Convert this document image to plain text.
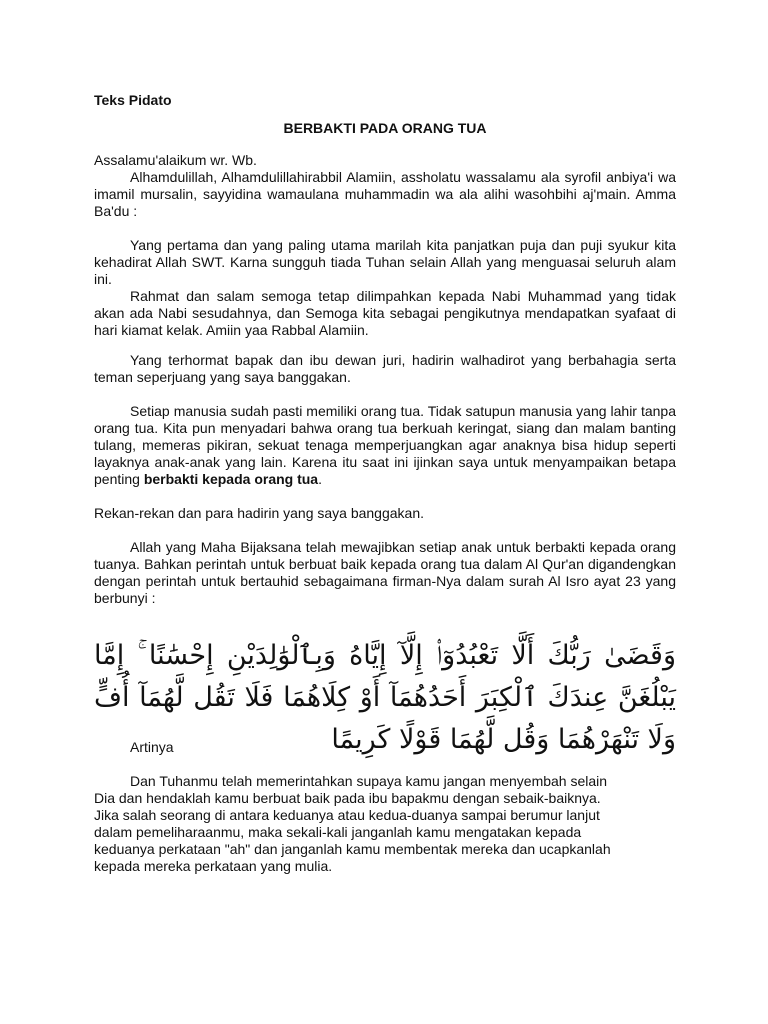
Teks Pidato

BERBAKTI PADA ORANG TUA

Assalamu'alaikum wr. Wb.

Alhamdulillah, Alhamdulillahirabbil Alamiin, assholatu wassalamu ala syrofil anbiya'i wa imamil mursalin, sayyidina wamaulana muhammadin wa ala alihi wasohbihi aj'main. Amma Ba'du :

Yang pertama dan yang paling utama marilah kita panjatkan puja dan puji syukur kita kehadirat Allah SWT. Karna sungguh tiada Tuhan selain Allah yang menguasai seluruh alam ini.

Rahmat dan salam semoga tetap dilimpahkan kepada Nabi Muhammad yang tidak akan ada Nabi sesudahnya, dan Semoga kita sebagai pengikutnya mendapatkan syafaat di hari kiamat kelak. Amiin yaa Rabbal Alamiin.

Yang terhormat bapak dan ibu dewan juri, hadirin walhadirot yang berbahagia serta teman seperjuang yang saya banggakan.

Setiap manusia sudah pasti memiliki orang tua. Tidak satupun manusia yang lahir tanpa orang tua. Kita pun menyadari bahwa orang tua berkuah keringat, siang dan malam banting tulang, memeras pikiran, sekuat tenaga memperjuangkan agar anaknya bisa hidup seperti layaknya anak-anak yang lain. Karena itu saat ini ijinkan saya untuk menyampaikan betapa penting berbakti kepada orang tua.

Rekan-rekan dan para hadirin yang saya banggakan.

Allah yang Maha Bijaksana telah mewajibkan setiap anak untuk berbakti kepada orang tuanya. Bahkan perintah untuk berbuat baik kepada orang tua dalam Al Qur'an digandengkan dengan perintah untuk bertauhid sebagaimana firman-Nya dalam surah Al Isro ayat 23 yang berbunyi :

وَقَضَىٰ رَبُّكَ أَلَّا تَعْبُدُوٓا۟ إِلَّآ إِيَّاهُ وَبِٱلْوَٰلِدَيْنِ إِحْسَٰنًا ۚ إِمَّا يَبْلُغَنَّ عِندَكَ ٱلْكِبَرَ أَحَدُهُمَآ أَوْ كِلَاهُمَا فَلَا تَقُل لَّهُمَآ أُفٍّ وَلَا تَنْهَرْهُمَا وَقُل لَّهُمَا قَوْلًا كَرِيمًا

Artinya

Dan Tuhanmu telah memerintahkan supaya kamu jangan menyembah selain
Dia dan hendaklah kamu berbuat baik pada ibu bapakmu dengan sebaik-baiknya.
Jika salah seorang di antara keduanya atau kedua-duanya sampai berumur lanjut
dalam pemeliharaanmu, maka sekali-kali janganlah kamu mengatakan kepada
keduanya perkataan "ah" dan janganlah kamu membentak mereka dan ucapkanlah
kepada mereka perkataan yang mulia.
